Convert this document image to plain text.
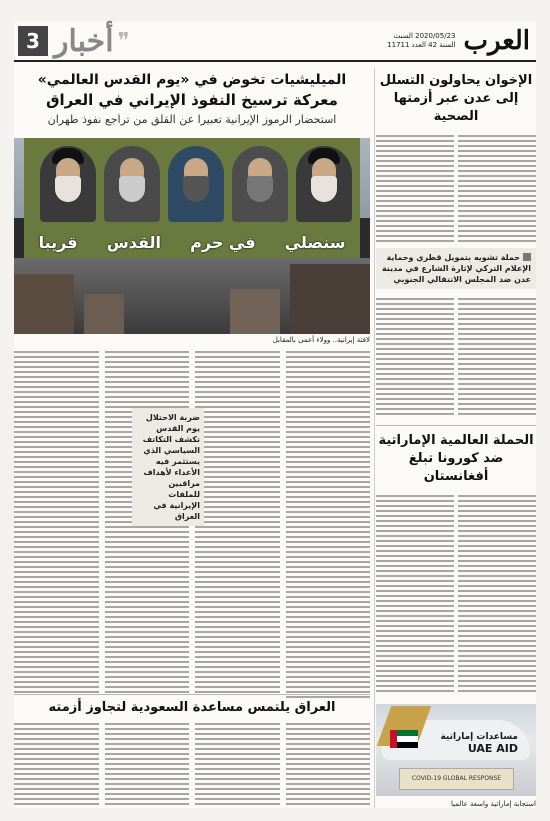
العرب
2020/05/23 السبت
السنة 42 العدد 11711
❞
أخبار
3
الإخوان يحاولون التسلل
إلى عدن عبر أزمتها الصحية
حملة تشويه بتمويل قطري وحماية الإعلام التركي لإثارة الشارع في مدينة عدن ضد المجلس الانتقالي الجنوبي
الحملة العالمية الإماراتية
ضد كورونا تبلغ أفغانستان
مساعدات إماراتية
UAE AID
COVID-19 GLOBAL RESPONSE
استجابة إماراتية واسعة عالميا
الميليشيات تخوض في «يوم القدس العالمي»
معركة ترسيخ النفوذ الإيراني في العراق
استحضار الرموز الإيرانية تعبيرا عن القلق من تراجع نفوذ طهران
سنصلي
في حرم
القدس
قريبا
لافتة إيرانية.. وولاء أعمى بالمقابل
ضربة الاحتلال يوم القدس تكشف التكاتف السياسي الذي يستثمر فيه الأعداء لأهداف مراقبين للملفات الإيرانية في العراق
العراق يلتمس مساعدة السعودية لتجاوز أزمته
